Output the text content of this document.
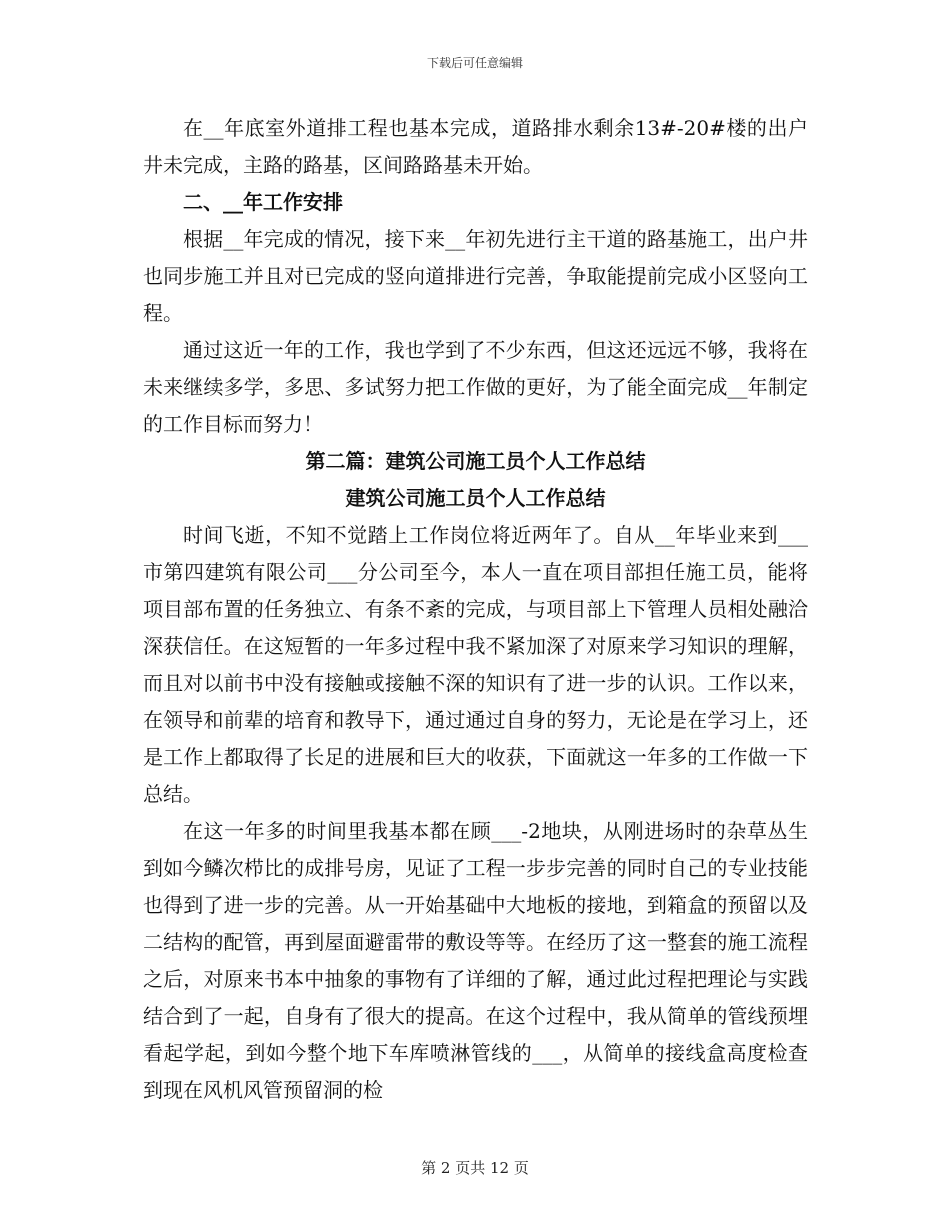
下载后可任意编辑

在__年底室外道排工程也基本完成，道路排水剩余13#-20#楼的出户井未完成，主路的路基，区间路路基未开始。

二、__年工作安排

根据__年完成的情况，接下来__年初先进行主干道的路基施工，出户井也同步施工并且对已完成的竖向道排进行完善，争取能提前完成小区竖向工程。

通过这近一年的工作，我也学到了不少东西，但这还远远不够，我将在未来继续多学，多思、多试努力把工作做的更好，为了能全面完成__年制定的工作目标而努力！

第二篇：建筑公司施工员个人工作总结

建筑公司施工员个人工作总结

时间飞逝，不知不觉踏上工作岗位将近两年了。自从__年毕业来到___市第四建筑有限公司___分公司至今，本人一直在项目部担任施工员，能将项目部布置的任务独立、有条不紊的完成，与项目部上下管理人员相处融洽深获信任。在这短暂的一年多过程中我不紧加深了对原来学习知识的理解，而且对以前书中没有接触或接触不深的知识有了进一步的认识。工作以来，在领导和前辈的培育和教导下，通过通过自身的努力，无论是在学习上，还是工作上都取得了长足的进展和巨大的收获，下面就这一年多的工作做一下总结。

在这一年多的时间里我基本都在顾___-2地块，从刚进场时的杂草丛生到如今鳞次栉比的成排号房，见证了工程一步步完善的同时自己的专业技能也得到了进一步的完善。从一开始基础中大地板的接地，到箱盒的预留以及二结构的配管，再到屋面避雷带的敷设等等。在经历了这一整套的施工流程之后，对原来书本中抽象的事物有了详细的了解，通过此过程把理论与实践结合到了一起，自身有了很大的提高。在这个过程中，我从简单的管线预埋看起学起，到如今整个地下车库喷淋管线的___，从简单的接线盒高度检查到现在风机风管预留洞的检

第 2 页共 12 页
